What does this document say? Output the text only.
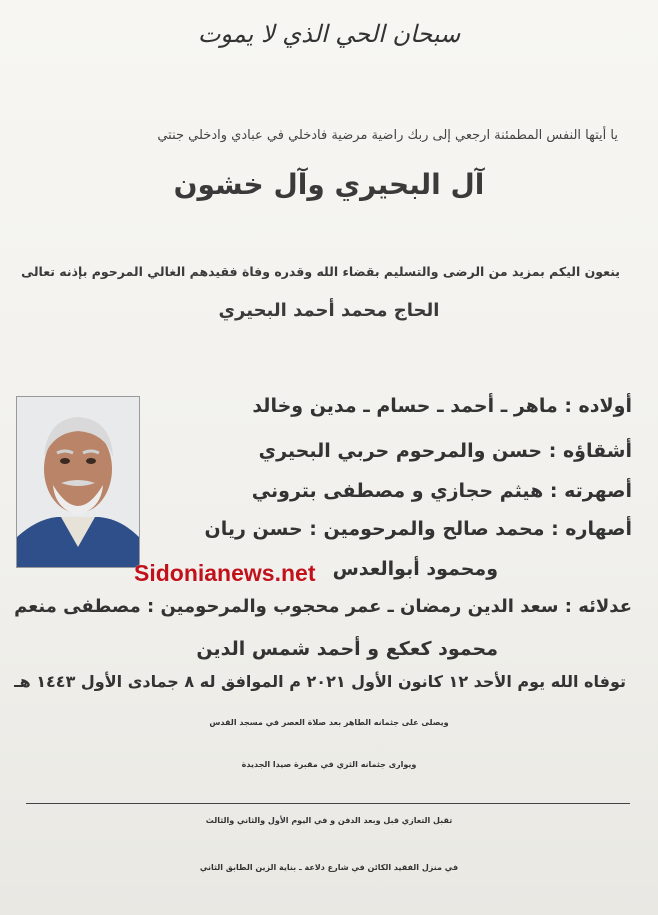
سبحان الحي الذي لا يموت
يا أيتها النفس المطمئنة ارجعي إلى ربك راضية مرضية فادخلي في عبادي وادخلي جنتي
آل البحيري وآل خشون
ينعون اليكم بمزيد من الرضى والتسليم بقضاء الله وقدره وفاة فقيدهم الغالي المرحوم بإذنه تعالى
الحاج محمد أحمد البحيري
أولاده : ماهر ـ أحمد ـ حسام ـ مدين وخالد
أشقاؤه : حسن والمرحوم حربي البحيري
أصهرته : هيثم حجازي و مصطفى بتروني
أصهاره : محمد صالح والمرحومين : حسن ريان
ومحمود أبوالعدس
عدلائه : سعد الدين رمضان ـ عمر محجوب والمرحومين : مصطفى منعم
محمود كعكع و أحمد شمس الدين
Sidonianews.net
توفاه الله يوم الأحد ١٢ كانون الأول ٢٠٢١ م الموافق له ٨ جمادى الأول ١٤٤٣ هـ
ويصلى على جثمانه الطاهر بعد صلاة العصر في مسجد القدس
ويوارى جثمانه الثري في مقبرة صيدا الجديدة
تقبل التعازي قبل وبعد الدفن و في اليوم الأول والثاني والثالث
في منزل الفقيد الكائن في شارع دلاعة ـ بناية الزين الطابق الثاني
